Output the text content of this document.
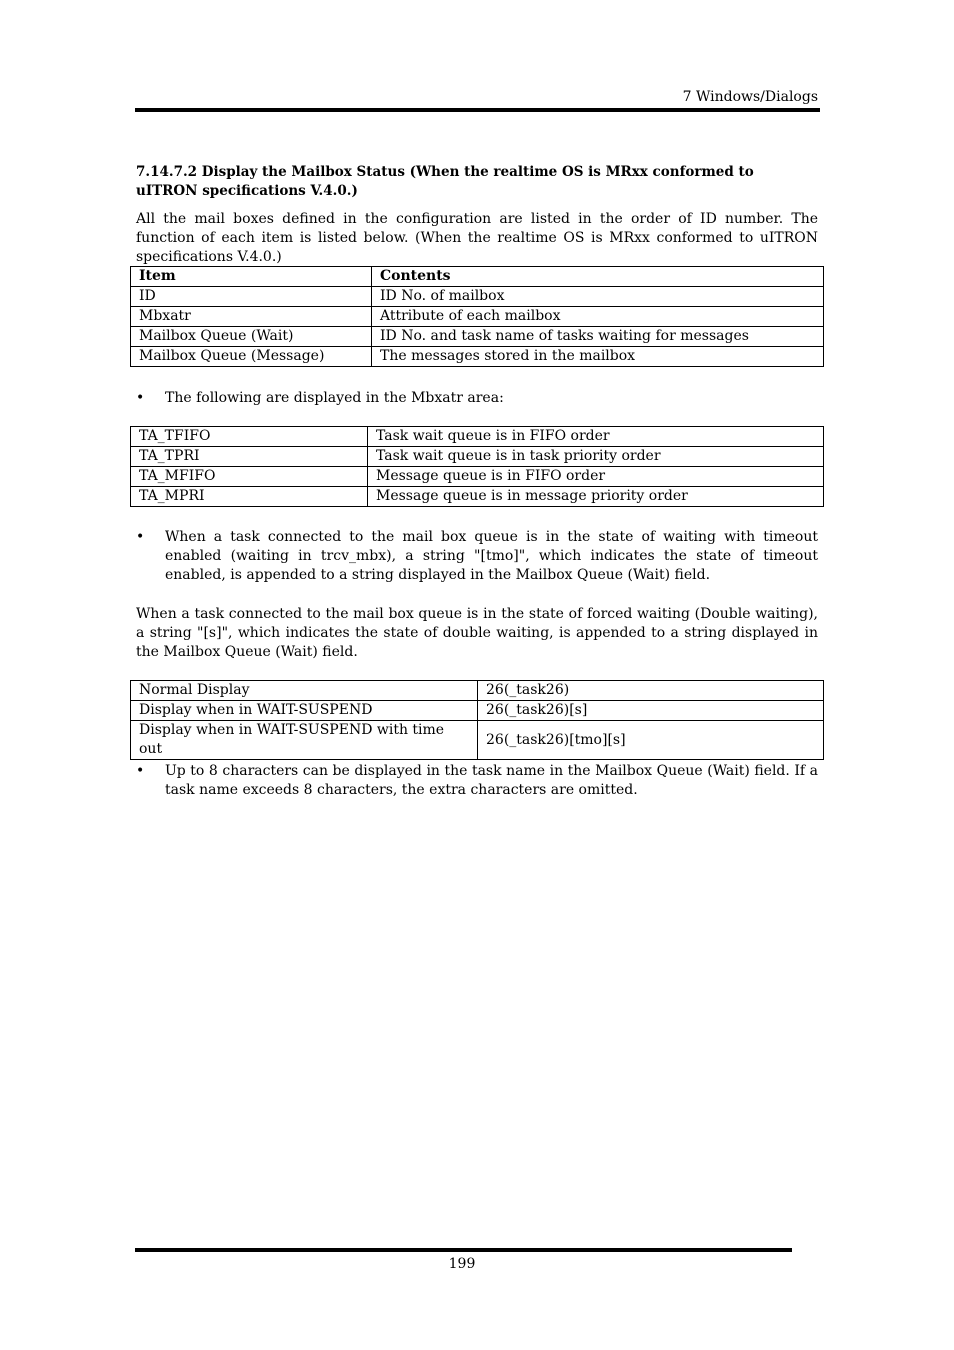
7 Windows/Dialogs
7.14.7.2 Display the Mailbox Status (When the realtime OS is MRxx conformed to uITRON specifications V.4.0.)
All the mail boxes defined in the configuration are listed in the order of ID number. The function of each item is listed below. (When the realtime OS is MRxx conformed to uITRON specifications V.4.0.)
Item	Contents
ID	ID No. of mailbox
Mbxatr	Attribute of each mailbox
Mailbox Queue (Wait)	ID No. and task name of tasks waiting for messages
Mailbox Queue (Message)	The messages stored in the mailbox
•	The following are displayed in the Mbxatr area:
TA_TFIFO	Task wait queue is in FIFO order
TA_TPRI	Task wait queue is in task priority order
TA_MFIFO	Message queue is in FIFO order
TA_MPRI	Message queue is in message priority order
•	When a task connected to the mail box queue is in the state of waiting with timeout enabled (waiting in trcv_mbx), a string "[tmo]", which indicates the state of timeout enabled, is appended to a string displayed in the Mailbox Queue (Wait) field.
When a task connected to the mail box queue is in the state of forced waiting (Double waiting), a string "[s]", which indicates the state of double waiting, is appended to a string displayed in the Mailbox Queue (Wait) field.
Normal Display	26(_task26)
Display when in WAIT-SUSPEND	26(_task26)[s]
Display when in WAIT-SUSPEND with time out	26(_task26)[tmo][s]
•	Up to 8 characters can be displayed in the task name in the Mailbox Queue (Wait) field. If a task name exceeds 8 characters, the extra characters are omitted.
199
